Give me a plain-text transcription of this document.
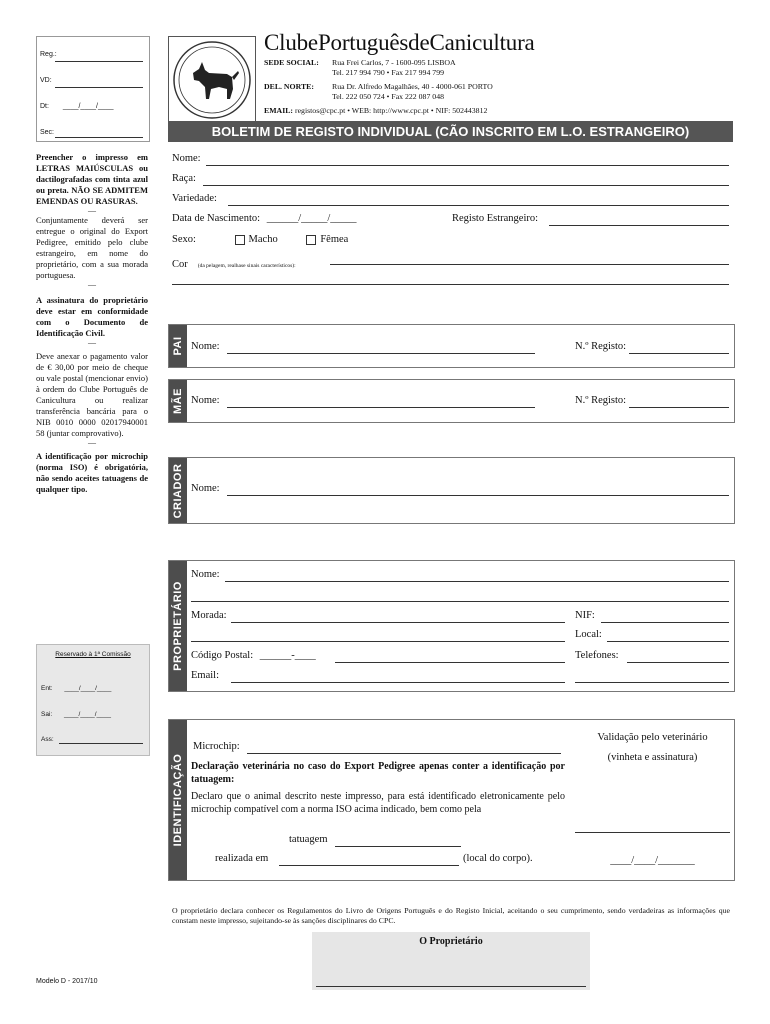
Reg.:
VD:
Dt: ____/____/____
Sec:
ClubePortuguêsdeCanicultura
SEDE SOCIAL: Rua Frei Carlos, 7 - 1600-095 LISBOA
Tel. 217 994 790 • Fax 217 994 799
DEL. NORTE: Rua Dr. Alfredo Magalhães, 40 - 4000-061 PORTO
Tel. 222 050 724 • Fax 222 087 048
EMAIL: registos@cpc.pt • WEB: http://www.cpc.pt • NIF: 502443812
BOLETIM DE REGISTO INDIVIDUAL (CÃO INSCRITO EM L.O. ESTRANGEIRO)
Preencher o impresso em LETRAS MAIÚSCULAS ou dactilografadas com tinta azul ou preta. NÃO SE ADMITEM EMENDAS OU RASURAS.
—
Conjuntamente deverá ser entregue o original do Export Pedigree, emitido pelo clube estrangeiro, em nome do proprietário, com a sua morada portuguesa.
—
A assinatura do proprietário deve estar em conformidade com o Documento de Identificação Civil.
—
Deve anexar o pagamento valor de € 30,00 por meio de cheque ou vale postal (mencionar envio) à ordem do Clube Português de Canicultura ou realizar transferência bancária para o NIB 0010 0000 02017940001 58 (juntar comprovativo).
—
A identificação por microchip (norma ISO) é obrigatória, não sendo aceites tatuagens de qualquer tipo.
Reservado à 1ª Comissão
Ent: ____/____/____
Sai: ____/____/____
Ass:
Nome:
Raça:
Variedade:
Data de Nascimento: ______/_____/_____	Registo Estrangeiro:
Sexo:	Macho	Fêmea
Cor (da pelagem, realhase sinais característicos):
PAI Nome:	N.º Registo:
MÃE Nome:	N.º Registo:
CRIADOR Nome:
PROPRIETÁRIO
Nome:
Morada:	NIF:
Local:
Código Postal: ______-____	Telefones:
Email:
IDENTIFICAÇÃO
Microchip:
Declaração veterinária no caso do Export Pedigree apenas conter a identificação por tatuagem:
Declaro que o animal descrito neste impresso, para está identificado eletronicamente pelo microchip compatível com a norma ISO acima indicado, bem como pela
tatuagem
realizada em	(local do corpo).
Validação pelo veterinário
(vinheta e assinatura)
____/____/_______
O proprietário declara conhecer os Regulamentos do Livro de Origens Português e do Registo Inicial, aceitando o seu cumprimento, sendo verdadeiras as informações que constam neste impresso, sujeitando-se às sanções disciplinares do CPC.
O Proprietário
Modelo D - 2017/10
